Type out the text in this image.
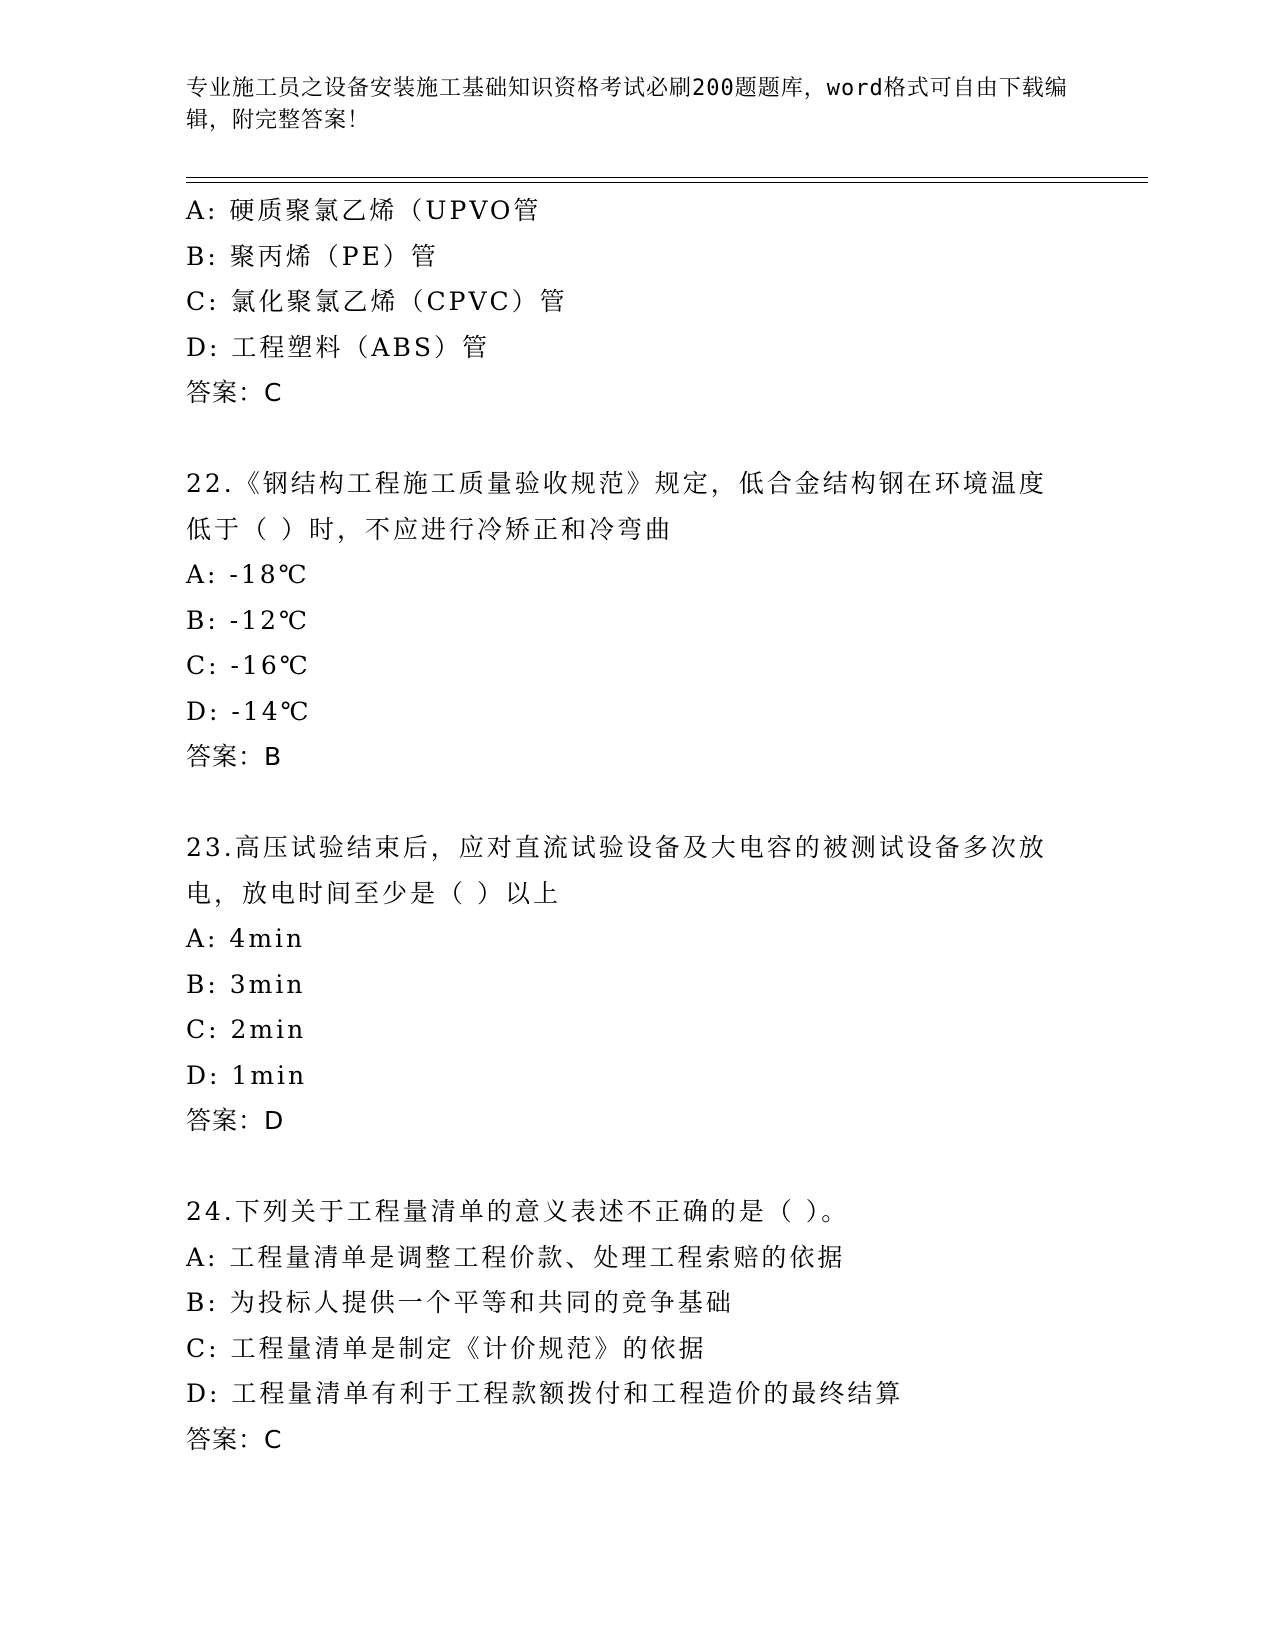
专业施工员之设备安装施工基础知识资格考试必刷200题题库，word格式可自由下载编辑，附完整答案！
A: 硬质聚氯乙烯（UPVO管
B: 聚丙烯（PE）管
C: 氯化聚氯乙烯（CPVC）管
D: 工程塑料（ABS）管
答案：C
22.《钢结构工程施工质量验收规范》规定，低合金结构钢在环境温度低于（ ）时，不应进行冷矫正和冷弯曲
A: -18℃
B: -12℃
C: -16℃
D: -14℃
答案：B
23.高压试验结束后，应对直流试验设备及大电容的被测试设备多次放电，放电时间至少是（ ）以上
A: 4min
B: 3min
C: 2min
D: 1min
答案：D
24.下列关于工程量清单的意义表述不正确的是（ ）。
A: 工程量清单是调整工程价款、处理工程索赔的依据
B: 为投标人提供一个平等和共同的竞争基础
C: 工程量清单是制定《计价规范》的依据
D: 工程量清单有利于工程款额拨付和工程造价的最终结算
答案：C
